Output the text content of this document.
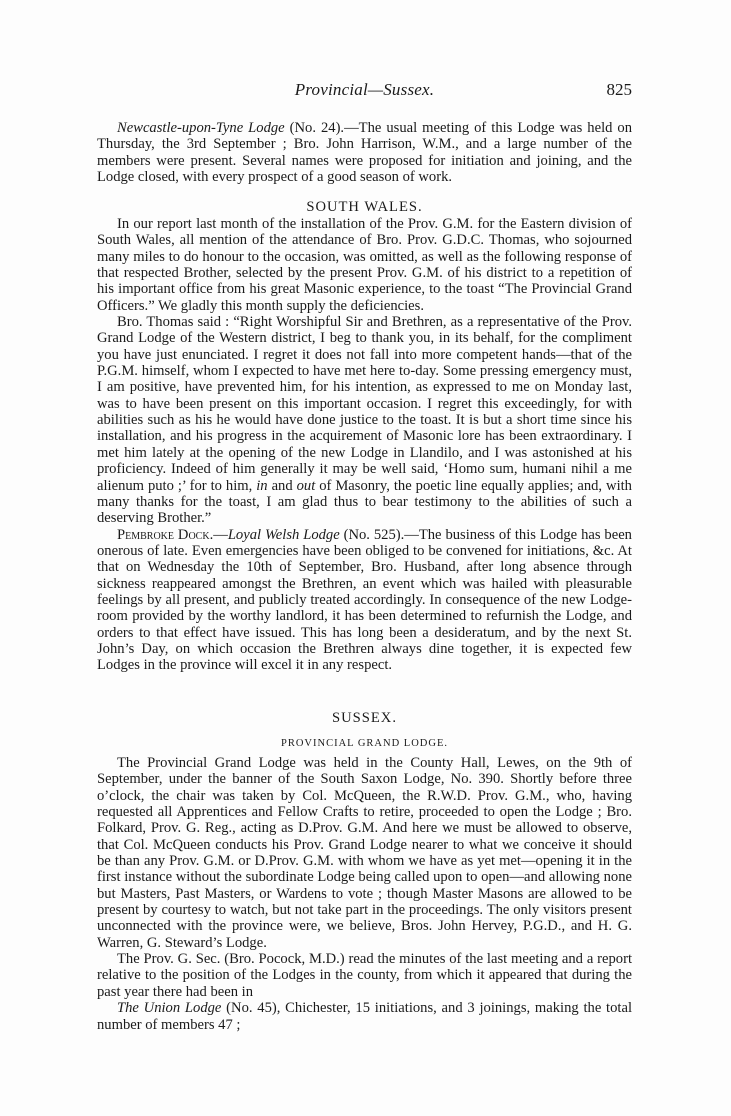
Provincial—Sussex.	825

Newcastle-upon-Tyne Lodge (No. 24).—The usual meeting of this Lodge was held on Thursday, the 3rd September ; Bro. John Harrison, W.M., and a large number of the members were present. Several names were proposed for initiation and joining, and the Lodge closed, with every prospect of a good season of work.

SOUTH WALES.

In our report last month of the installation of the Prov. G.M. for the Eastern division of South Wales, all mention of the attendance of Bro. Prov. G.D.C. Thomas, who sojourned many miles to do honour to the occasion, was omitted, as well as the following response of that respected Brother, selected by the present Prov. G.M. of his district to a repetition of his important office from his great Masonic experience, to the toast “The Provincial Grand Officers.” We gladly this month supply the deficiencies.

Bro. Thomas said : “Right Worshipful Sir and Brethren, as a representative of the Prov. Grand Lodge of the Western district, I beg to thank you, in its behalf, for the compliment you have just enunciated. I regret it does not fall into more competent hands—that of the P.G.M. himself, whom I expected to have met here to-day. Some pressing emergency must, I am positive, have prevented him, for his intention, as expressed to me on Monday last, was to have been present on this important occasion. I regret this exceedingly, for with abilities such as his he would have done justice to the toast. It is but a short time since his installation, and his progress in the acquirement of Masonic lore has been extraordinary. I met him lately at the opening of the new Lodge in Llandilo, and I was astonished at his proficiency. Indeed of him generally it may be well said, ‘Homo sum, humani nihil a me alienum puto ;’ for to him, in and out of Masonry, the poetic line equally applies; and, with many thanks for the toast, I am glad thus to bear testimony to the abilities of such a deserving Brother.”

Pembroke Dock.—Loyal Welsh Lodge (No. 525).—The business of this Lodge has been onerous of late. Even emergencies have been obliged to be convened for initiations, &c. At that on Wednesday the 10th of September, Bro. Husband, after long absence through sickness reappeared amongst the Brethren, an event which was hailed with pleasurable feelings by all present, and publicly treated accordingly. In consequence of the new Lodge-room provided by the worthy landlord, it has been determined to refurnish the Lodge, and orders to that effect have issued. This has long been a desideratum, and by the next St. John’s Day, on which occasion the Brethren always dine together, it is expected few Lodges in the province will excel it in any respect.

SUSSEX.
PROVINCIAL GRAND LODGE.

The Provincial Grand Lodge was held in the County Hall, Lewes, on the 9th of September, under the banner of the South Saxon Lodge, No. 390. Shortly before three o’clock, the chair was taken by Col. McQueen, the R.W.D. Prov. G.M., who, having requested all Apprentices and Fellow Crafts to retire, proceeded to open the Lodge ; Bro. Folkard, Prov. G. Reg., acting as D.Prov. G.M. And here we must be allowed to observe, that Col. McQueen conducts his Prov. Grand Lodge nearer to what we conceive it should be than any Prov. G.M. or D.Prov. G.M. with whom we have as yet met—opening it in the first instance without the subordinate Lodge being called upon to open—and allowing none but Masters, Past Masters, or Wardens to vote ; though Master Masons are allowed to be present by courtesy to watch, but not take part in the proceedings. The only visitors present unconnected with the province were, we believe, Bros. John Hervey, P.G.D., and H. G. Warren, G. Steward’s Lodge.

The Prov. G. Sec. (Bro. Pocock, M.D.) read the minutes of the last meeting and a report relative to the position of the Lodges in the county, from which it appeared that during the past year there had been in

The Union Lodge (No. 45), Chichester, 15 initiations, and 3 joinings, making the total number of members 47 ;
